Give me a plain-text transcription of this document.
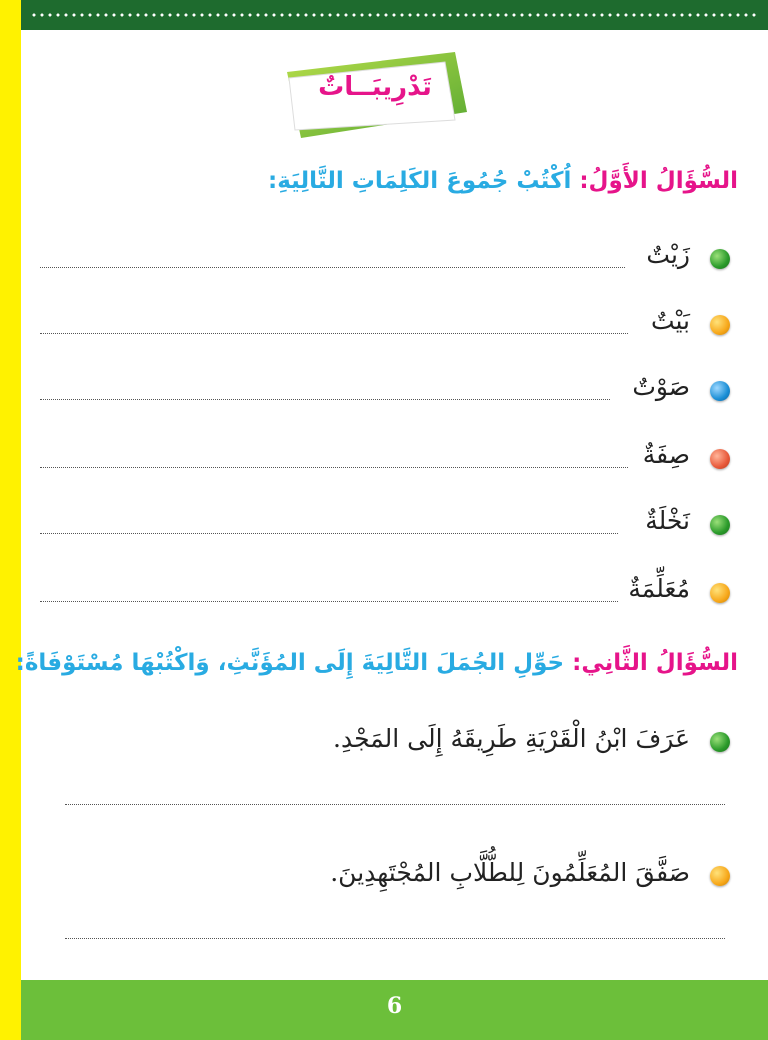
تَدْرِيبَــاتٌ
السُّؤَالُ الأَوَّلُ: اُكْتُبْ جُمُوعَ الكَلِمَاتِ التَّالِيَةِ:
زَيْتٌ
بَيْتٌ
صَوْتٌ
صِفَةٌ
نَخْلَةٌ
مُعَلِّمَةٌ
السُّؤَالُ الثَّانِي: حَوِّلِ الجُمَلَ التَّالِيَةَ إِلَى المُؤَنَّثِ، وَاكْتُبْهَا مُسْتَوْفَاةً:
عَرَفَ ابْنُ الْقَرْيَةِ طَرِيقَهُ إِلَى المَجْدِ.
صَفَّقَ المُعَلِّمُونَ لِلطُّلَّابِ المُجْتَهِدِينَ.
6
